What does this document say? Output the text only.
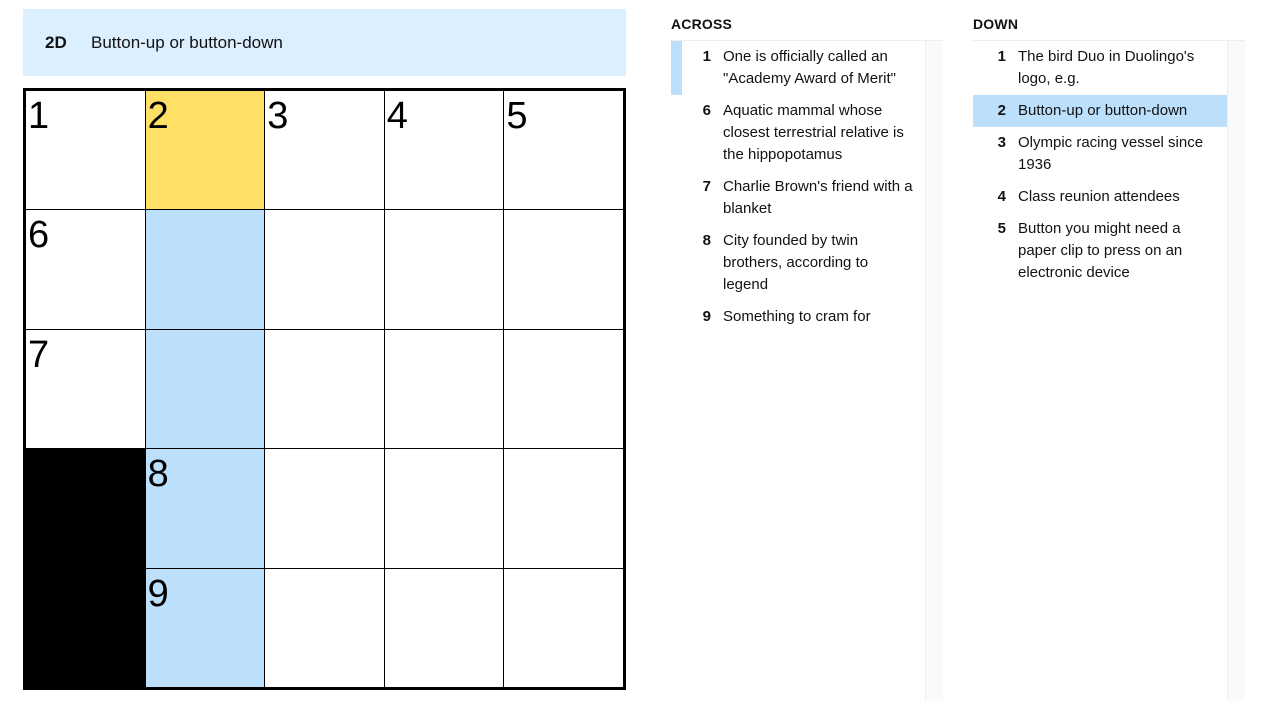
2D	Button-up or button-down
1	2	3	4	5
6
7
8
9
ACROSS
1 One is officially called an "Academy Award of Merit"
6 Aquatic mammal whose closest terrestrial relative is the hippopotamus
7 Charlie Brown's friend with a blanket
8 City founded by twin brothers, according to legend
9 Something to cram for
DOWN
1 The bird Duo in Duolingo's logo, e.g.
2 Button-up or button-down
3 Olympic racing vessel since 1936
4 Class reunion attendees
5 Button you might need a paper clip to press on an electronic device
